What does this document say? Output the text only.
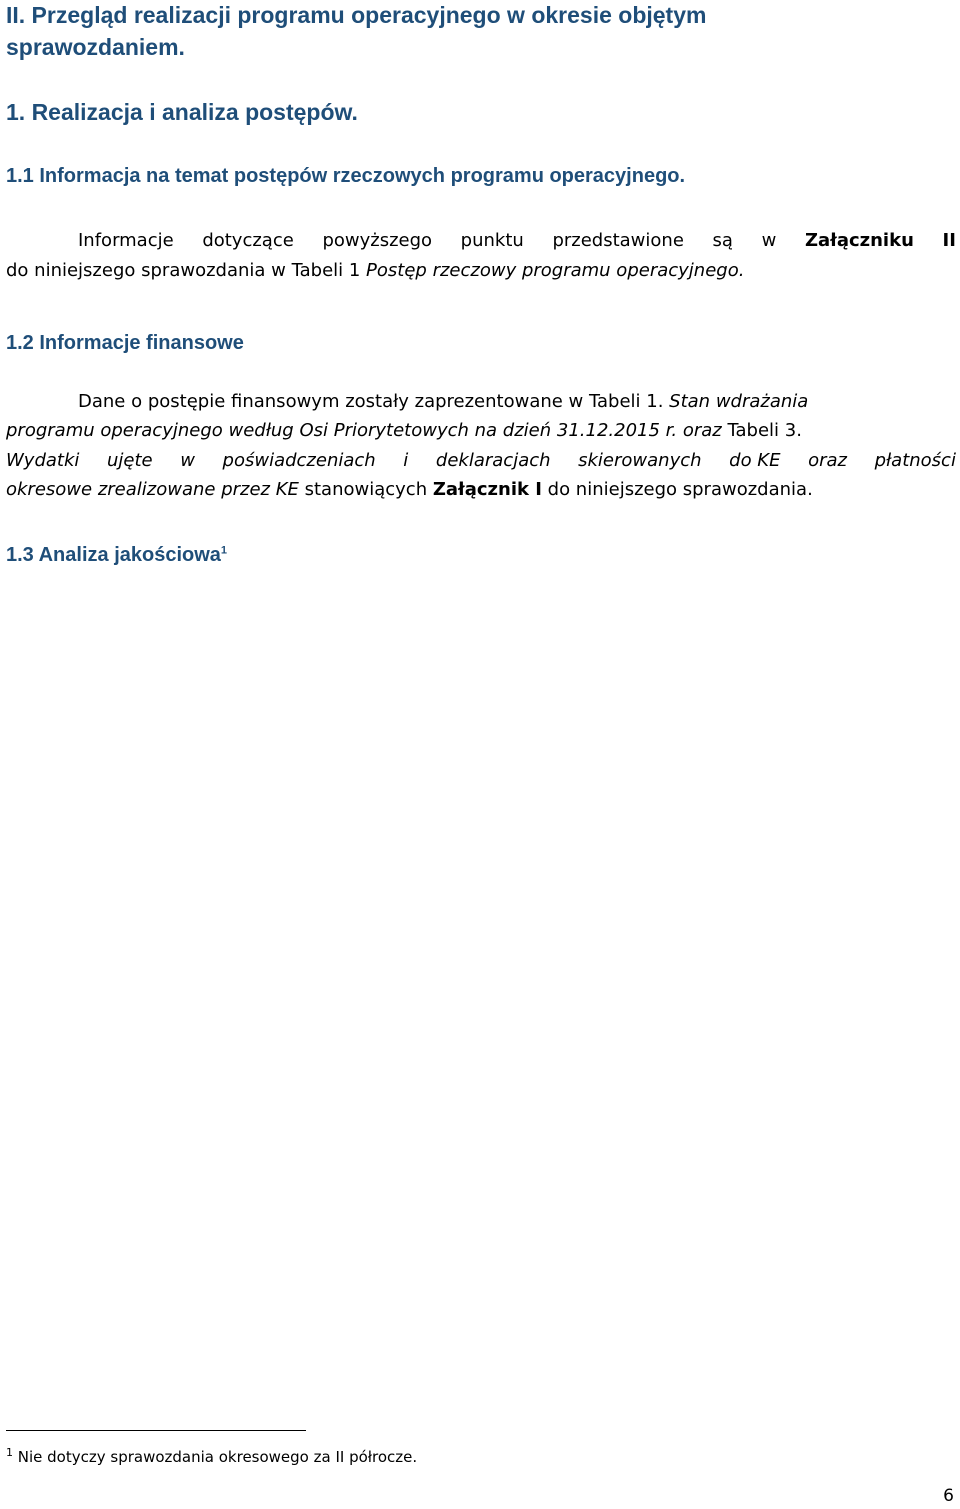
II. Przegląd realizacji programu operacyjnego w okresie objętym
sprawozdaniem.
1. Realizacja i analiza postępów.
1.1 Informacja na temat postępów rzeczowych programu operacyjnego.
Informacje dotyczące powyższego punktu przedstawione są w Załączniku II
do niniejszego sprawozdania w Tabeli 1 Postęp rzeczowy programu operacyjnego.
1.2 Informacje finansowe
Dane o postępie finansowym zostały zaprezentowane w Tabeli 1. Stan wdrażania
programu operacyjnego według Osi Priorytetowych na dzień 31.12.2015 r. oraz Tabeli 3.
Wydatki ujęte w poświadczeniach i deklaracjach skierowanych do KE oraz płatności
okresowe zrealizowane przez KE stanowiących Załącznik I do niniejszego sprawozdania.
1.3 Analiza jakościowa$^1$
$^1$ Nie dotyczy sprawozdania okresowego za II półrocze.
6
